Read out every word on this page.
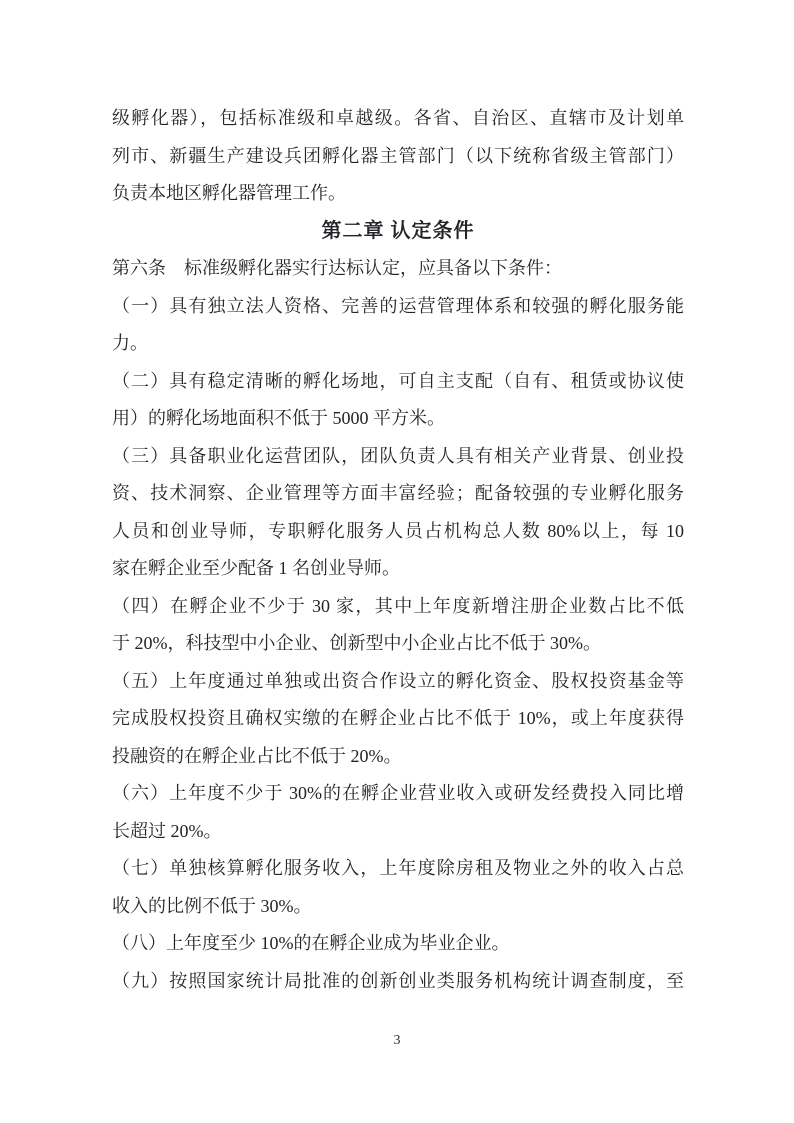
级孵化器），包括标准级和卓越级。各省、自治区、直辖市及计划单
列市、新疆生产建设兵团孵化器主管部门（以下统称省级主管部门）
负责本地区孵化器管理工作。
第二章 认定条件
第六条　标准级孵化器实行达标认定，应具备以下条件：
（一）具有独立法人资格、完善的运营管理体系和较强的孵化服务能
力。
（二）具有稳定清晰的孵化场地，可自主支配（自有、租赁或协议使
用）的孵化场地面积不低于 5000 平方米。
（三）具备职业化运营团队，团队负责人具有相关产业背景、创业投
资、技术洞察、企业管理等方面丰富经验；配备较强的专业孵化服务
人员和创业导师，专职孵化服务人员占机构总人数 80%以上，每 10
家在孵企业至少配备 1 名创业导师。
（四）在孵企业不少于 30 家，其中上年度新增注册企业数占比不低
于 20%，科技型中小企业、创新型中小企业占比不低于 30%。
（五）上年度通过单独或出资合作设立的孵化资金、股权投资基金等
完成股权投资且确权实缴的在孵企业占比不低于 10%，或上年度获得
投融资的在孵企业占比不低于 20%。
（六）上年度不少于 30%的在孵企业营业收入或研发经费投入同比增
长超过 20%。
（七）单独核算孵化服务收入，上年度除房租及物业之外的收入占总
收入的比例不低于 30%。
（八）上年度至少 10%的在孵企业成为毕业企业。
（九）按照国家统计局批准的创新创业类服务机构统计调查制度，至
3
